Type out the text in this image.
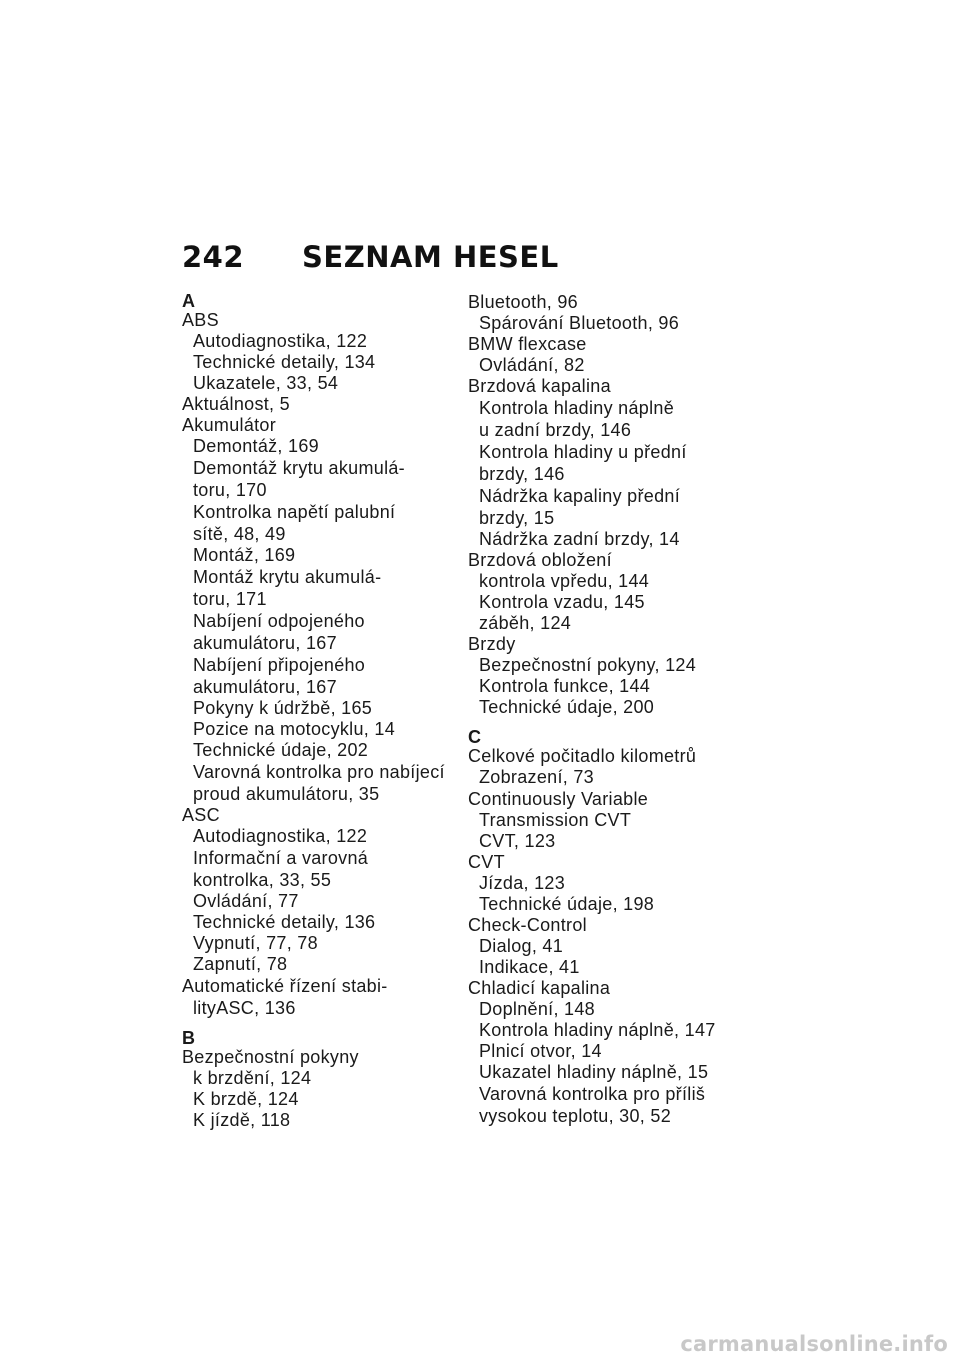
242 SEZNAM HESEL
A
ABS
Autodiagnostika, 122
Technické detaily, 134
Ukazatele, 33, 54
Aktuálnost, 5
Akumulátor
Demontáž, 169
Demontáž krytu akumulá-
toru, 170
Kontrolka napětí palubní
sítě, 48, 49
Montáž, 169
Montáž krytu akumulá-
toru, 171
Nabíjení odpojeného
akumulátoru, 167
Nabíjení připojeného
akumulátoru, 167
Pokyny k údržbě, 165
Pozice na motocyklu, 14
Technické údaje, 202
Varovná kontrolka pro nabíjecí
proud akumulátoru, 35
ASC
Autodiagnostika, 122
Informační a varovná
kontrolka, 33, 55
Ovládání, 77
Technické detaily, 136
Vypnutí, 77, 78
Zapnutí, 78
Automatické řízení stabi-
lityASC, 136
B
Bezpečnostní pokyny
k brzdění, 124
K brzdě, 124
K jízdě, 118
Bluetooth, 96
Spárování Bluetooth, 96
BMW flexcase
Ovládání, 82
Brzdová kapalina
Kontrola hladiny náplně
u zadní brzdy, 146
Kontrola hladiny u přední
brzdy, 146
Nádržka kapaliny přední
brzdy, 15
Nádržka zadní brzdy, 14
Brzdová obložení
kontrola vpředu, 144
Kontrola vzadu, 145
záběh, 124
Brzdy
Bezpečnostní pokyny, 124
Kontrola funkce, 144
Technické údaje, 200
C
Celkové počitadlo kilometrů
Zobrazení, 73
Continuously Variable
Transmission CVT
CVT, 123
CVT
Jízda, 123
Technické údaje, 198
Check-Control
Dialog, 41
Indikace, 41
Chladicí kapalina
Doplnění, 148
Kontrola hladiny náplně, 147
Plnicí otvor, 14
Ukazatel hladiny náplně, 15
Varovná kontrolka pro příliš
vysokou teplotu, 30, 52
carmanualsonline.info
